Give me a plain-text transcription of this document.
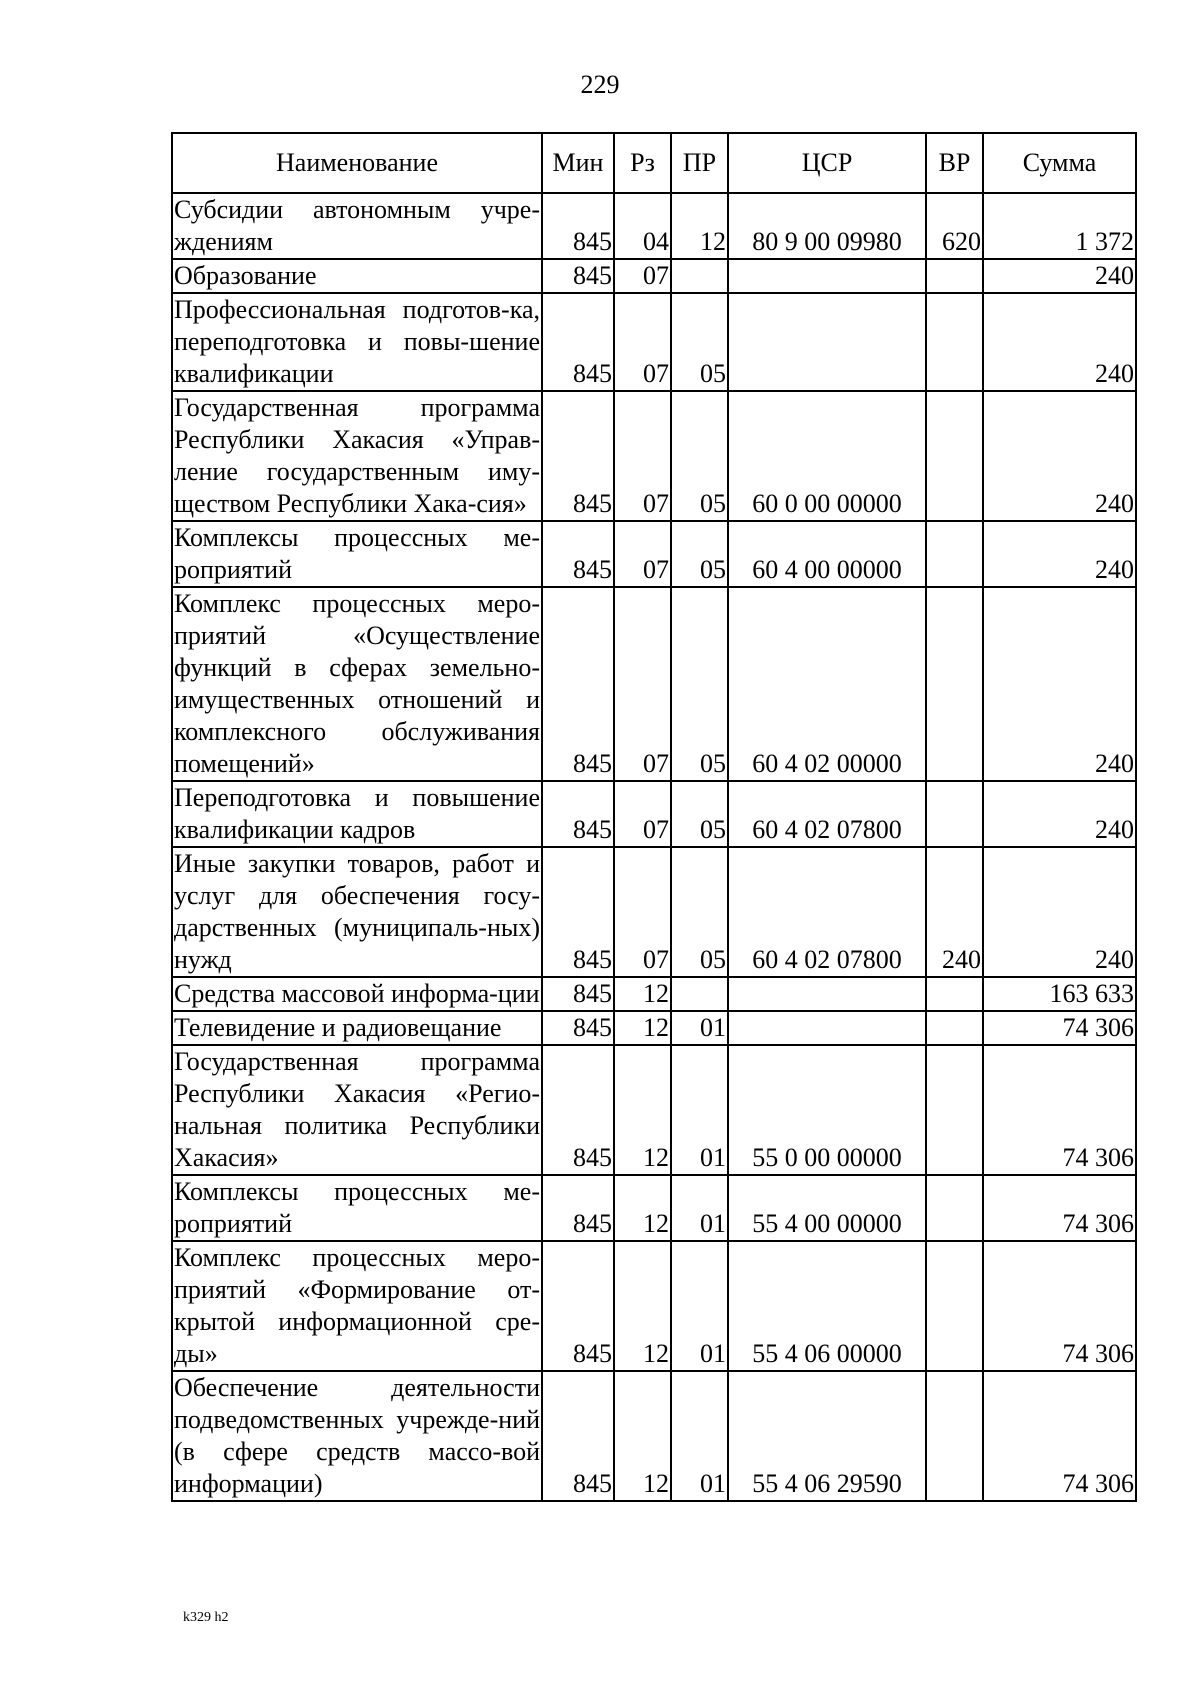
229
Наименование	Мин	Рз	ПР	ЦСР	ВР	Сумма
Субсидии автономным учре-ждениям	845	04	12	80 9 00 09980	620	1 372
Образование	845	07				240
Профессиональная подготов-ка, переподготовка и повы-шение квалификации	845	07	05			240
Государственная программа Республики Хакасия «Управ-ление государственным иму-ществом Республики Хака-сия»	845	07	05	60 0 00 00000		240
Комплексы процессных ме-роприятий	845	07	05	60 4 00 00000		240
Комплекс процессных меро-приятий «Осуществление функций в сферах земельно-имущественных отношений и комплексного обслуживания помещений»	845	07	05	60 4 02 00000		240
Переподготовка и повышение квалификации кадров	845	07	05	60 4 02 07800		240
Иные закупки товаров, работ и услуг для обеспечения госу-дарственных (муниципаль-ных) нужд	845	07	05	60 4 02 07800	240	240
Средства массовой информа-ции	845	12				163 633
Телевидение и радиовещание	845	12	01			74 306
Государственная программа Республики Хакасия «Регио-нальная политика Республики Хакасия»	845	12	01	55 0 00 00000		74 306
Комплексы процессных ме-роприятий	845	12	01	55 4 00 00000		74 306
Комплекс процессных меро-приятий «Формирование от-крытой информационной сре-ды»	845	12	01	55 4 06 00000		74 306
Обеспечение деятельности подведомственных учрежде-ний (в сфере средств массо-вой информации)	845	12	01	55 4 06 29590		74 306
k329 h2
